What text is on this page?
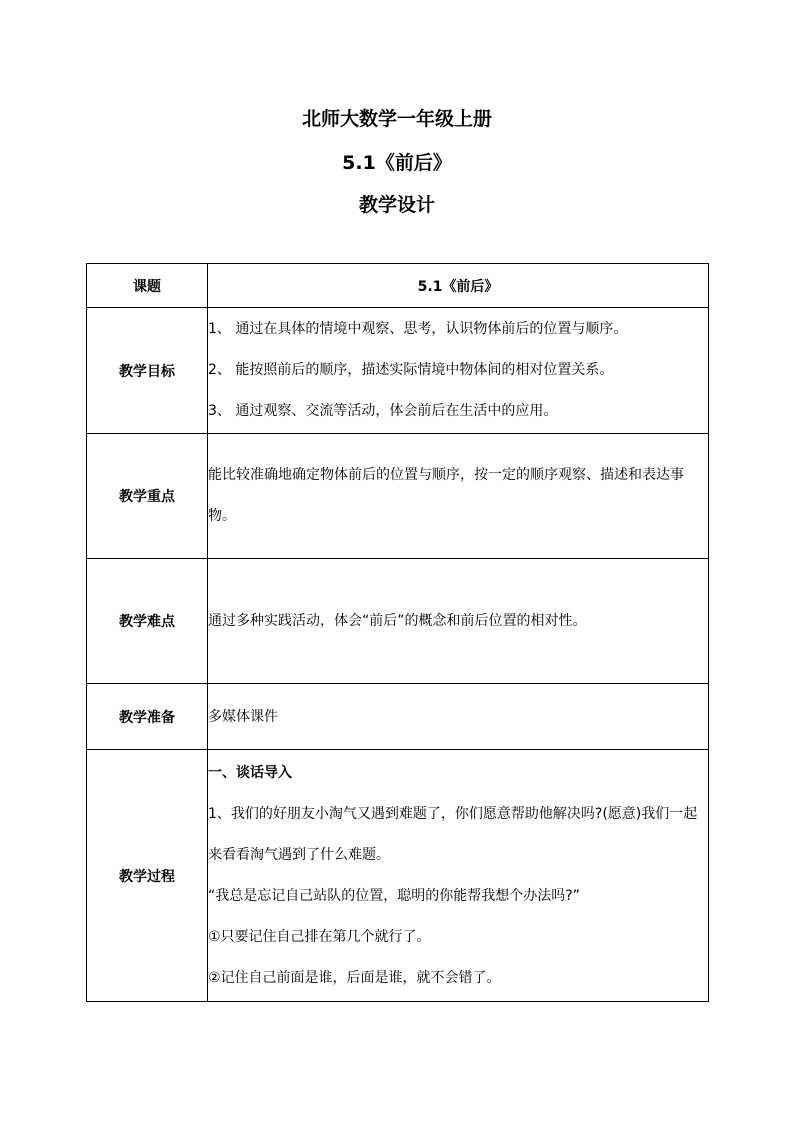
北师大数学一年级上册
5.1《前后》
教学设计
课题	5.1《前后》
教学目标	1、 通过在具体的情境中观察、思考，认识物体前后的位置与顺序。
2、 能按照前后的顺序，描述实际情境中物体间的相对位置关系。
3、 通过观察、交流等活动，体会前后在生活中的应用。

教学重点	能比较准确地确定物体前后的位置与顺序，按一定的顺序观察、描述和表达事物。

教学难点	通过多种实践活动，体会“前后”的概念和前后位置的相对性。

教学准备	多媒体课件

教学过程	一、谈话导入
1、我们的好朋友小淘气又遇到难题了，你们愿意帮助他解决吗?(愿意)我们一起来看看淘气遇到了什么难题。
“我总是忘记自己站队的位置，聪明的你能帮我想个办法吗?”
①只要记住自己排在第几个就行了。
②记住自己前面是谁，后面是谁，就不会错了。
